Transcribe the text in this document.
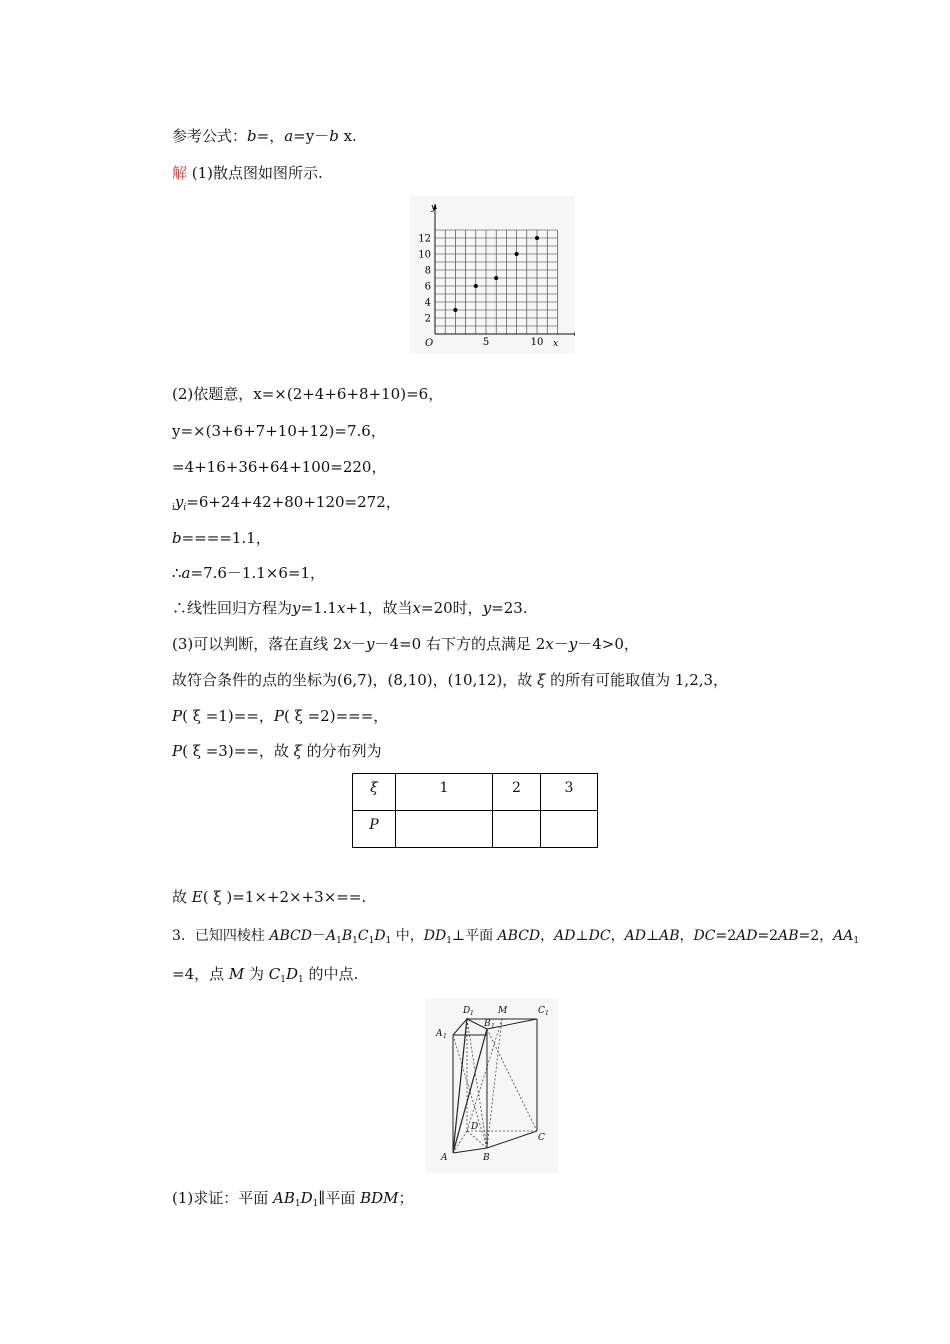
参考公式：b=，a=y－b x.
解 (1)散点图如图所示.
2
4
6
8
10
12
5	10
y
x
O
(2)依题意，x=×(2+4+6+8+10)=6，
y=×(3+6+7+10+12)=7.6，
=4+16+36+64+100=220，
$_iy_i=6+24+42+80+120=272$，
b====1.1，
∴a=7.6－1.1×6=1，
∴线性回归方程为y=1.1x+1，故当x=20时，y=23.
(3)可以判断，落在直线 2x－y－4=0 右下方的点满足 2x－y－4>0，
故符合条件的点的坐标为(6,7)，(8,10)，(10,12)，故 ξ 的所有可能取值为 1,2,3，
P( ξ =1)==，P( ξ =2)===，
P( ξ =3)==，故 ξ 的分布列为
ξ	1	2	3
P			
故 E( ξ )=1×+2×+3×==.
3．已知四棱柱 $ABCD-A_1B_1C_1D_1$ 中，$DD_1\perp$平面 ABCD，AD⊥DC，AD⊥AB，DC=2AD=2AB=2，$AA_1$
=4，点 M 为 $C_1D_1$ 的中点.
D 1	M	C 1
B 1
A 1
D
C
A	B
(1)求证：平面 $AB_1D_1\parallel$平面 BDM；
